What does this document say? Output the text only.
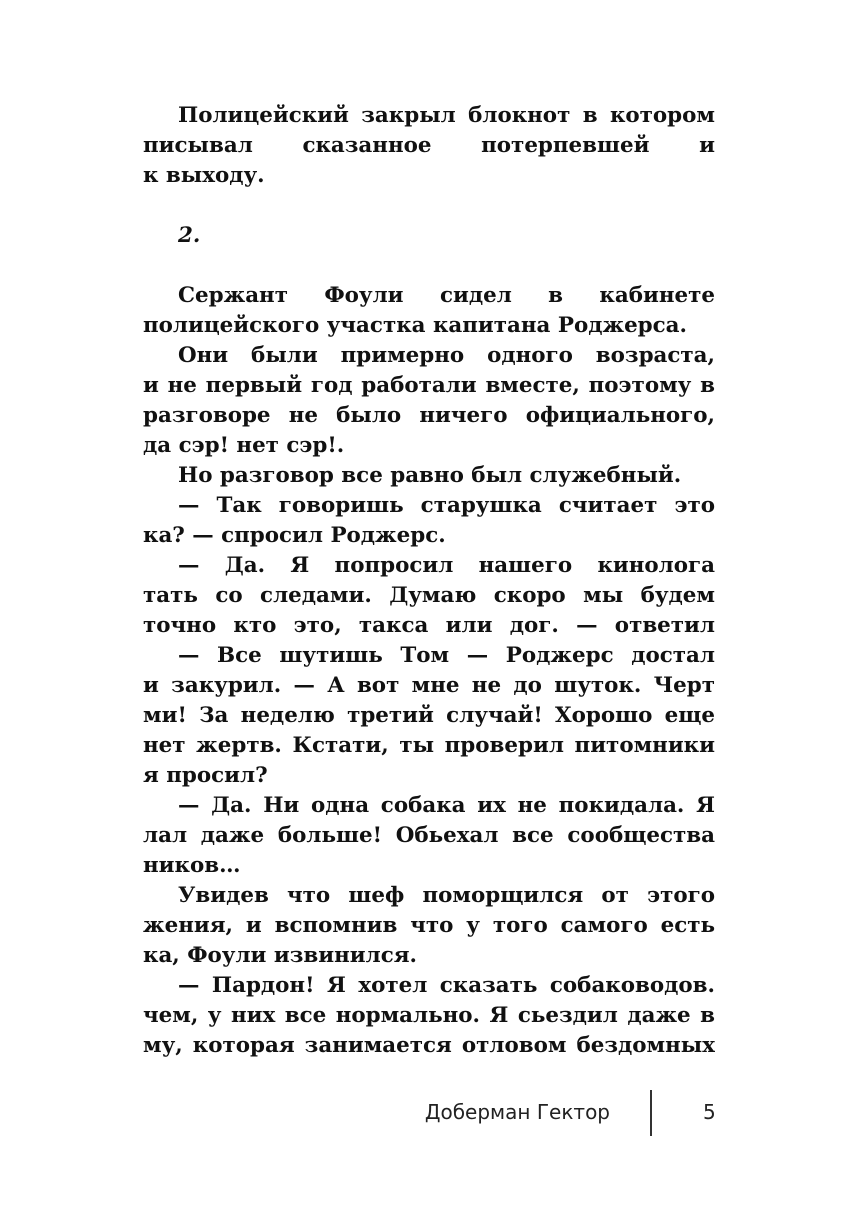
Полицейский закрыл блокнот в котором
писывал сказанное потерпевшей и
к выходу.
2.
Сержант Фоули сидел в кабинете
полицейского участка капитана Роджерса.
Они были примерно одного возраста,
и не первый год работали вместе, поэтому в
разговоре не было ничего официального,
да сэр! нет сэр!.
Но разговор все равно был служебный.
— Так говоришь старушка считает это
ка? — спросил Роджерс.
— Да. Я попросил нашего кинолога
тать со следами. Думаю скоро мы будем
точно кто это, такса или дог. — ответил
— Все шутишь Том — Роджерс достал
и закурил. — А вот мне не до шуток. Черт
ми! За неделю третий случай! Хорошо еще
нет жертв. Кстати, ты проверил питомники
я просил?
— Да. Ни одна собака их не покидала. Я
лал даже больше! Обьехал все сообщества
ников…
Увидев что шеф поморщился от этого
жения, и вспомнив что у того самого есть
ка, Фоули извинился.
— Пардон! Я хотел сказать собаководов.
чем, у них все нормально. Я сьездил даже в
му, которая занимается отловом бездомных
Доберман Гектор	5
